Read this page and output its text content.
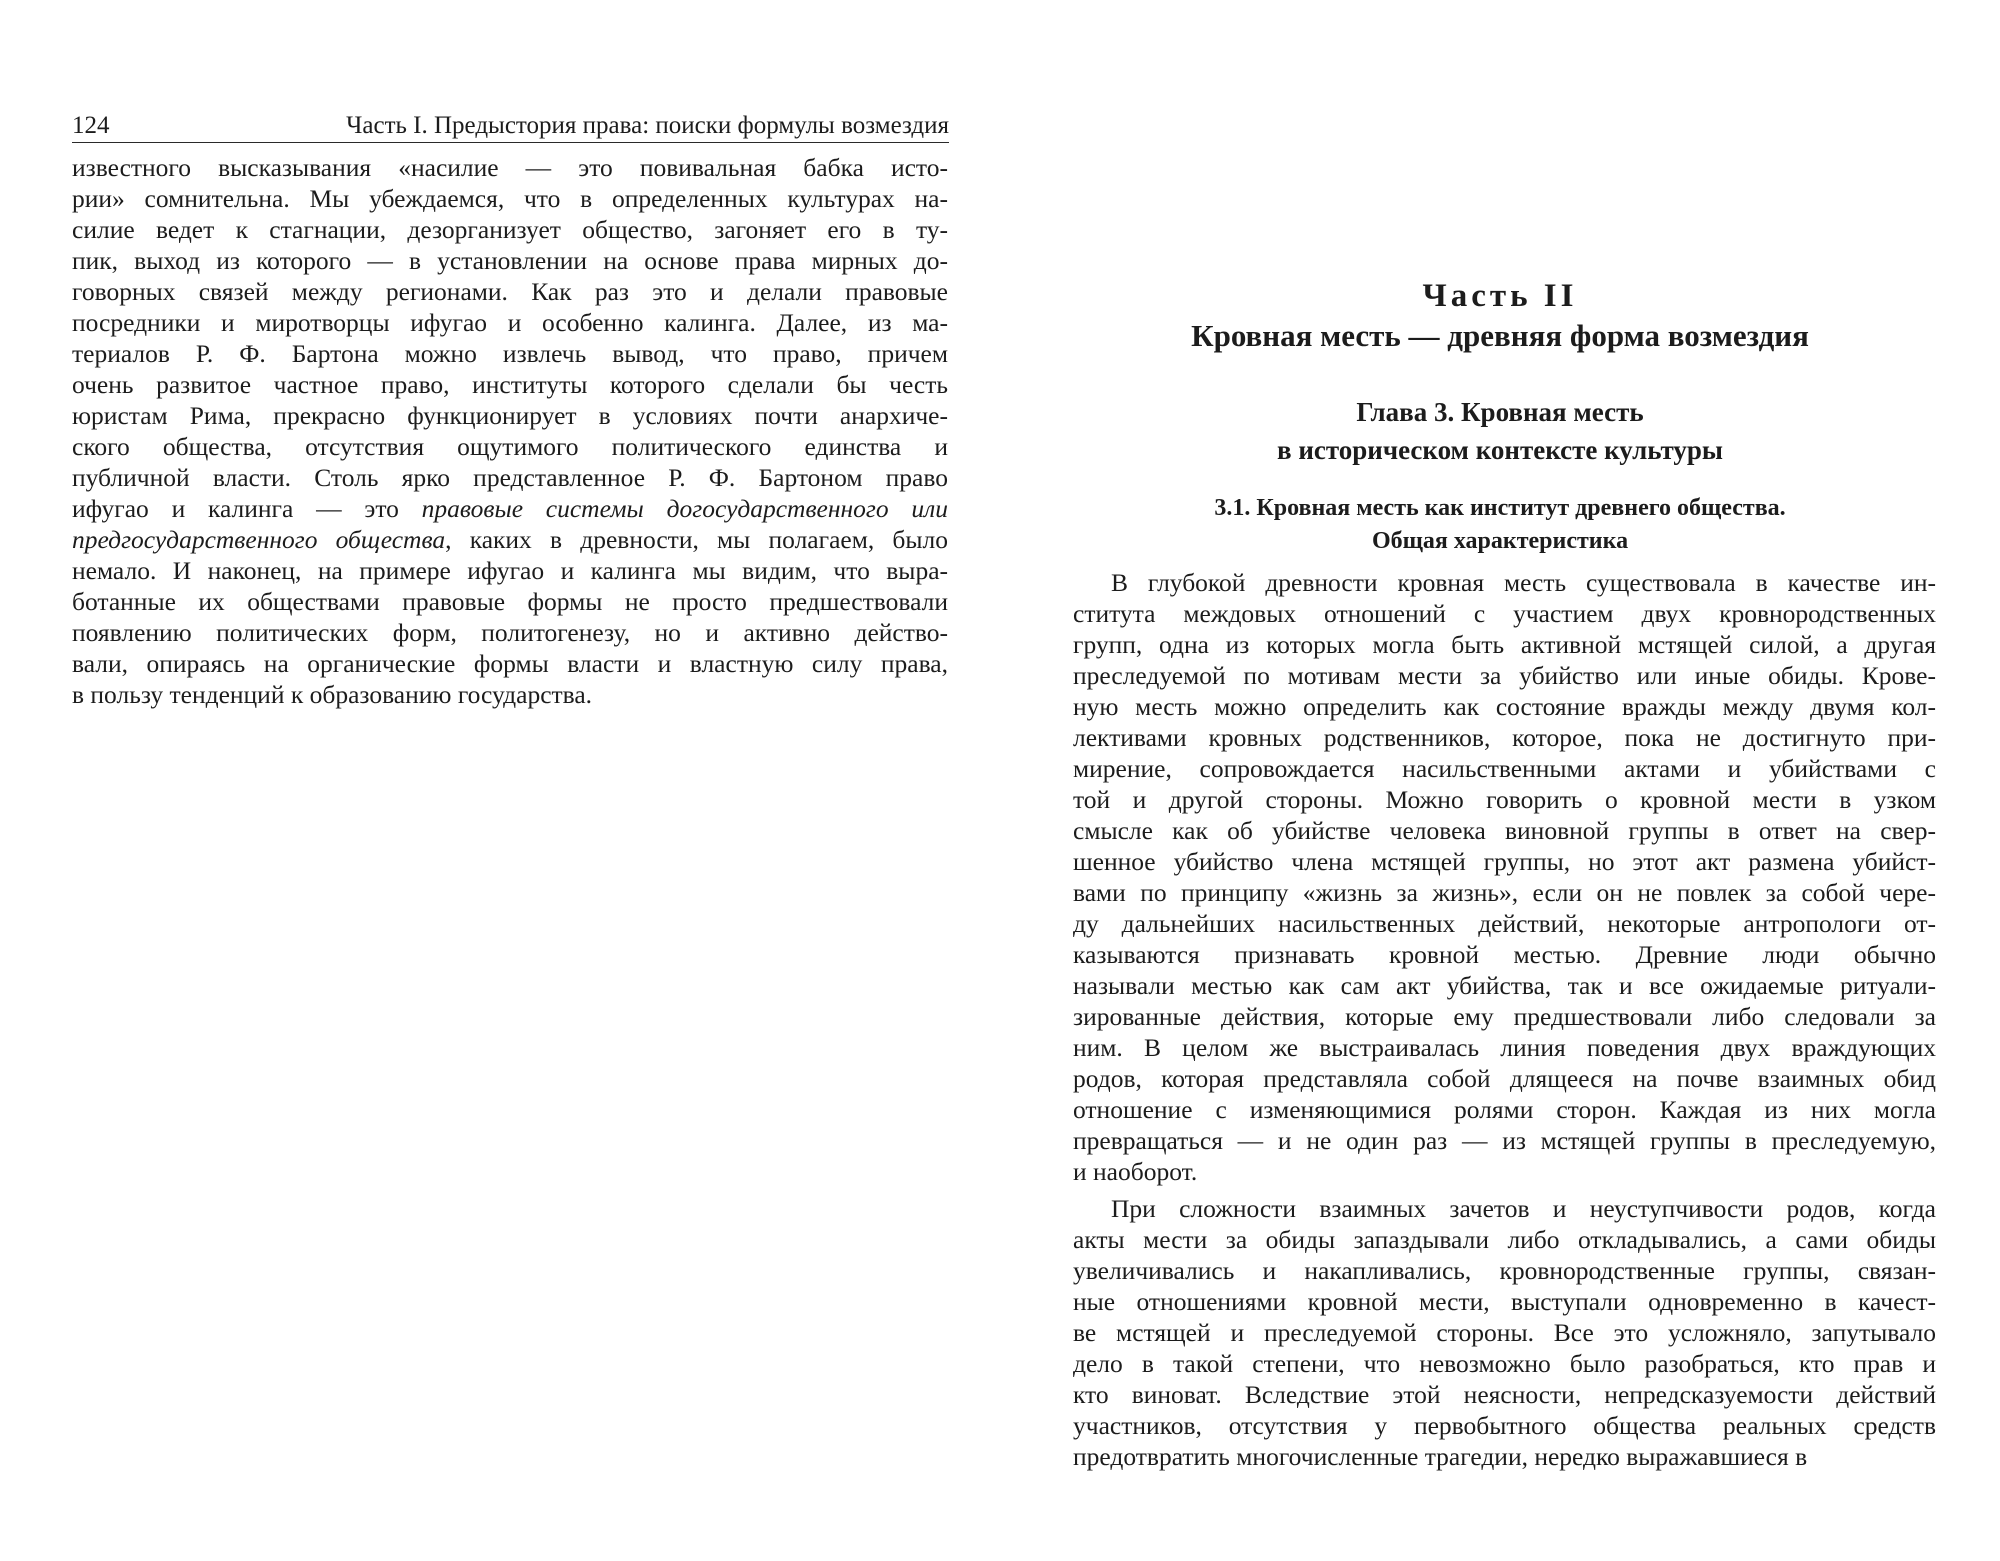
124	Часть I. Предыстория права: поиски формулы возмездия
известного высказывания «насилие — это повивальная бабка исто-
рии» сомнительна. Мы убеждаемся, что в определенных культурах на-
силие ведет к стагнации, дезорганизует общество, загоняет его в ту-
пик, выход из которого — в установлении на основе права мирных до-
говорных связей между регионами. Как раз это и делали правовые
посредники и миротворцы ифугао и особенно калинга. Далее, из ма-
териалов Р. Ф. Бартона можно извлечь вывод, что право, причем
очень развитое частное право, институты которого сделали бы честь
юристам Рима, прекрасно функционирует в условиях почти анархиче-
ского общества, отсутствия ощутимого политического единства и
публичной власти. Столь ярко представленное Р. Ф. Бартоном право
ифугао и калинга — это правовые системы догосударственного или
предгосударственного общества, каких в древности, мы полагаем, было
немало. И наконец, на примере ифугао и калинга мы видим, что выра-
ботанные их обществами правовые формы не просто предшествовали
появлению политических форм, политогенезу, но и активно действо-
вали, опираясь на органические формы власти и властную силу права,
в пользу тенденций к образованию государства.
Часть II
Кровная месть — древняя форма возмездия
Глава 3. Кровная месть
в историческом контексте культуры
3.1. Кровная месть как институт древнего общества.
Общая характеристика
В глубокой древности кровная месть существовала в качестве ин-
ститута междовых отношений с участием двух кровнородственных
групп, одна из которых могла быть активной мстящей силой, а другая
преследуемой по мотивам мести за убийство или иные обиды. Крове-
ную месть можно определить как состояние вражды между двумя кол-
лективами кровных родственников, которое, пока не достигнуто при-
мирение, сопровождается насильственными актами и убийствами с
той и другой стороны. Можно говорить о кровной мести в узком
смысле как об убийстве человека виновной группы в ответ на свер-
шенное убийство члена мстящей группы, но этот акт размена убийст-
вами по принципу «жизнь за жизнь», если он не повлек за собой чере-
ду дальнейших насильственных действий, некоторые антропологи от-
казываются признавать кровной местью. Древние люди обычно
называли местью как сам акт убийства, так и все ожидаемые ритуали-
зированные действия, которые ему предшествовали либо следовали за
ним. В целом же выстраивалась линия поведения двух враждующих
родов, которая представляла собой длящееся на почве взаимных обид
отношение с изменяющимися ролями сторон. Каждая из них могла
превращаться — и не один раз — из мстящей группы в преследуемую,
и наоборот.
При сложности взаимных зачетов и неуступчивости родов, когда
акты мести за обиды запаздывали либо откладывались, а сами обиды
увеличивались и накапливались, кровнородственные группы, связан-
ные отношениями кровной мести, выступали одновременно в качест-
ве мстящей и преследуемой стороны. Все это усложняло, запутывало
дело в такой степени, что невозможно было разобраться, кто прав и
кто виноват. Вследствие этой неясности, непредсказуемости действий
участников, отсутствия у первобытного общества реальных средств
предотвратить многочисленные трагедии, нередко выражавшиеся в
